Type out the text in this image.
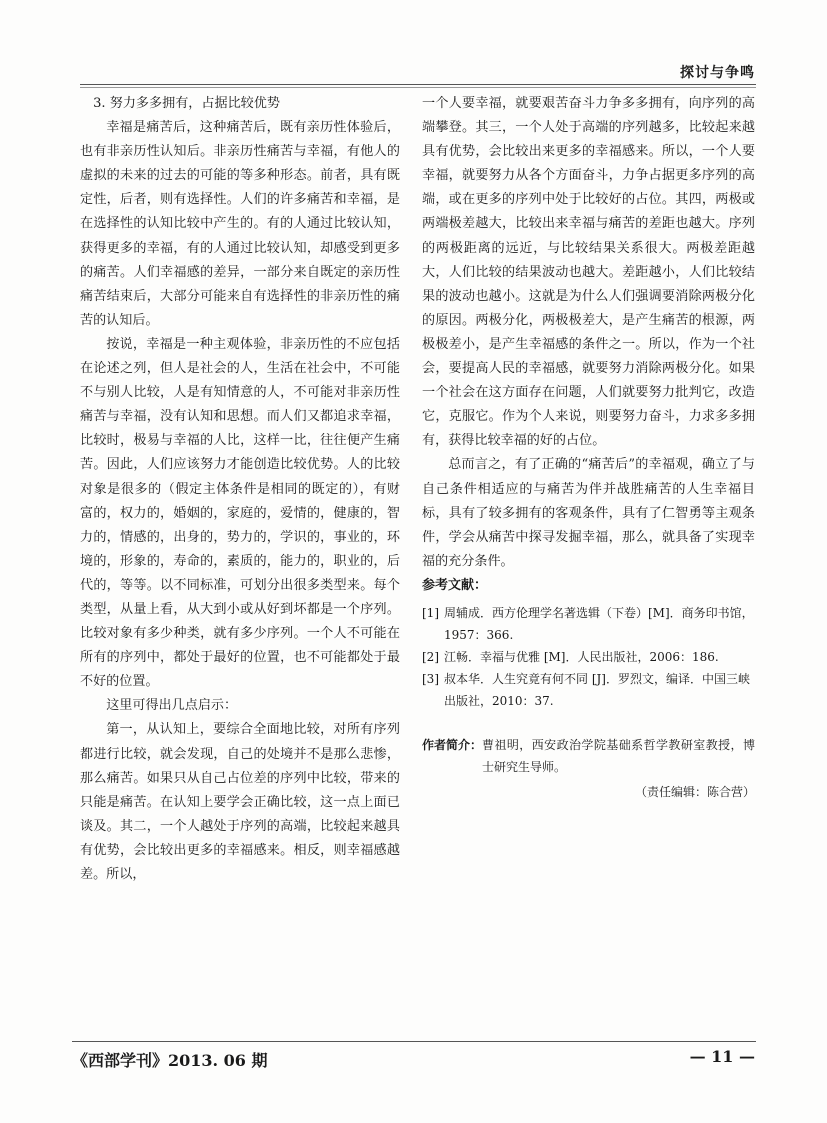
探讨与争鸣

3. 努力多多拥有，占据比较优势

幸福是痛苦后，这种痛苦后，既有亲历性体验后，也有非亲历性认知后。非亲历性痛苦与幸福，有他人的虚拟的未来的过去的可能的等多种形态。前者，具有既定性，后者，则有选择性。人们的许多痛苦和幸福，是在选择性的认知比较中产生的。有的人通过比较认知，获得更多的幸福，有的人通过比较认知，却感受到更多的痛苦。人们幸福感的差异，一部分来自既定的亲历性痛苦结束后，大部分可能来自有选择性的非亲历性的痛苦的认知后。

按说，幸福是一种主观体验，非亲历性的不应包括在论述之列，但人是社会的人，生活在社会中，不可能不与别人比较，人是有知情意的人，不可能对非亲历性痛苦与幸福，没有认知和思想。而人们又都追求幸福，比较时，极易与幸福的人比，这样一比，往往便产生痛苦。因此，人们应该努力才能创造比较优势。人的比较对象是很多的（假定主体条件是相同的既定的），有财富的，权力的，婚姻的，家庭的，爱情的，健康的，智力的，情感的，出身的，势力的，学识的，事业的，环境的，形象的，寿命的，素质的，能力的，职业的，后代的，等等。以不同标准，可划分出很多类型来。每个类型，从量上看，从大到小或从好到坏都是一个序列。比较对象有多少种类，就有多少序列。一个人不可能在所有的序列中，都处于最好的位置，也不可能都处于最不好的位置。

这里可得出几点启示：

第一，从认知上，要综合全面地比较，对所有序列都进行比较，就会发现，自己的处境并不是那么悲惨，那么痛苦。如果只从自己占位差的序列中比较，带来的只能是痛苦。在认知上要学会正确比较，这一点上面已谈及。其二，一个人越处于序列的高端，比较起来越具有优势，会比较出更多的幸福感来。相反，则幸福感越差。所以，

一个人要幸福，就要艰苦奋斗力争多多拥有，向序列的高端攀登。其三，一个人处于高端的序列越多，比较起来越具有优势，会比较出来更多的幸福感来。所以，一个人要幸福，就要努力从各个方面奋斗，力争占据更多序列的高端，或在更多的序列中处于比较好的占位。其四，两极或两端极差越大，比较出来幸福与痛苦的差距也越大。序列的两极距离的远近，与比较结果关系很大。两极差距越大，人们比较的结果波动也越大。差距越小，人们比较结果的波动也越小。这就是为什么人们强调要消除两极分化的原因。两极分化，两极极差大，是产生痛苦的根源，两极极差小，是产生幸福感的条件之一。所以，作为一个社会，要提高人民的幸福感，就要努力消除两极分化。如果一个社会在这方面存在问题，人们就要努力批判它，改造它，克服它。作为个人来说，则要努力奋斗，力求多多拥有，获得比较幸福的好的占位。

总而言之，有了正确的“痛苦后”的幸福观，确立了与自己条件相适应的与痛苦为伴并战胜痛苦的人生幸福目标，具有了较多拥有的客观条件，具有了仁智勇等主观条件，学会从痛苦中探寻发掘幸福，那么，就具备了实现幸福的充分条件。

参考文献：

[1] 周辅成．西方伦理学名著选辑（下卷）[M]．商务印书馆，1957：366.
[2] 江畅．幸福与优雅 [M]．人民出版社，2006：186.
[3] 叔本华．人生究竟有何不同 [J]．罗烈文，编译．中国三峡出版社，2010：37.
作者简介： 曹祖明，西安政治学院基础系哲学教研室教授，博士研究生导师。
（责任编辑：陈合营）
《西部学刊》2013. 06 期	— 11 —
